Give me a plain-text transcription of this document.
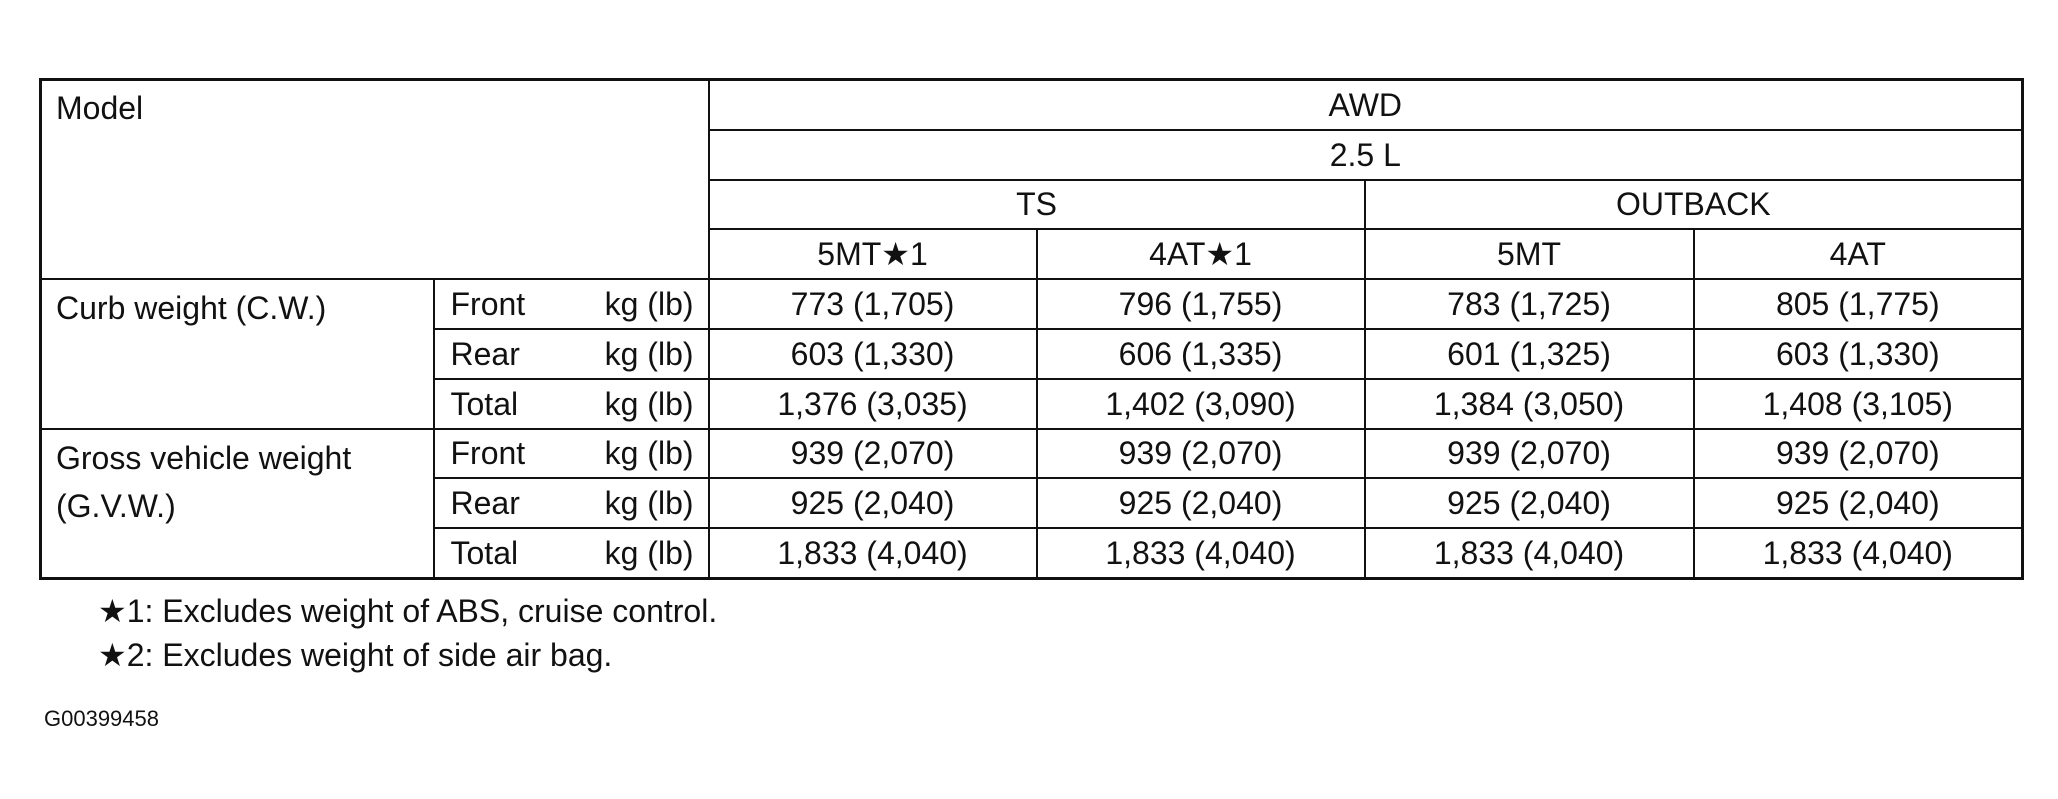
Model			AWD			
			2.5 L			
			TS		OUTBACK	
			5MT★1	4AT★1	5MT	4AT
Curb weight (C.W.)	Front	kg (lb)	773 (1,705)	796 (1,755)	783 (1,725)	805 (1,775)
	Rear	kg (lb)	603 (1,330)	606 (1,335)	601 (1,325)	603 (1,330)
	Total	kg (lb)	1,376 (3,035)	1,402 (3,090)	1,384 (3,050)	1,408 (3,105)
Gross vehicle weight (G.V.W.)	Front	kg (lb)	939 (2,070)	939 (2,070)	939 (2,070)	939 (2,070)
	Rear	kg (lb)	925 (2,040)	925 (2,040)	925 (2,040)	925 (2,040)
	Total	kg (lb)	1,833 (4,040)	1,833 (4,040)	1,833 (4,040)	1,833 (4,040)
★1: Excludes weight of ABS, cruise control.
★2: Excludes weight of side air bag.
G00399458
